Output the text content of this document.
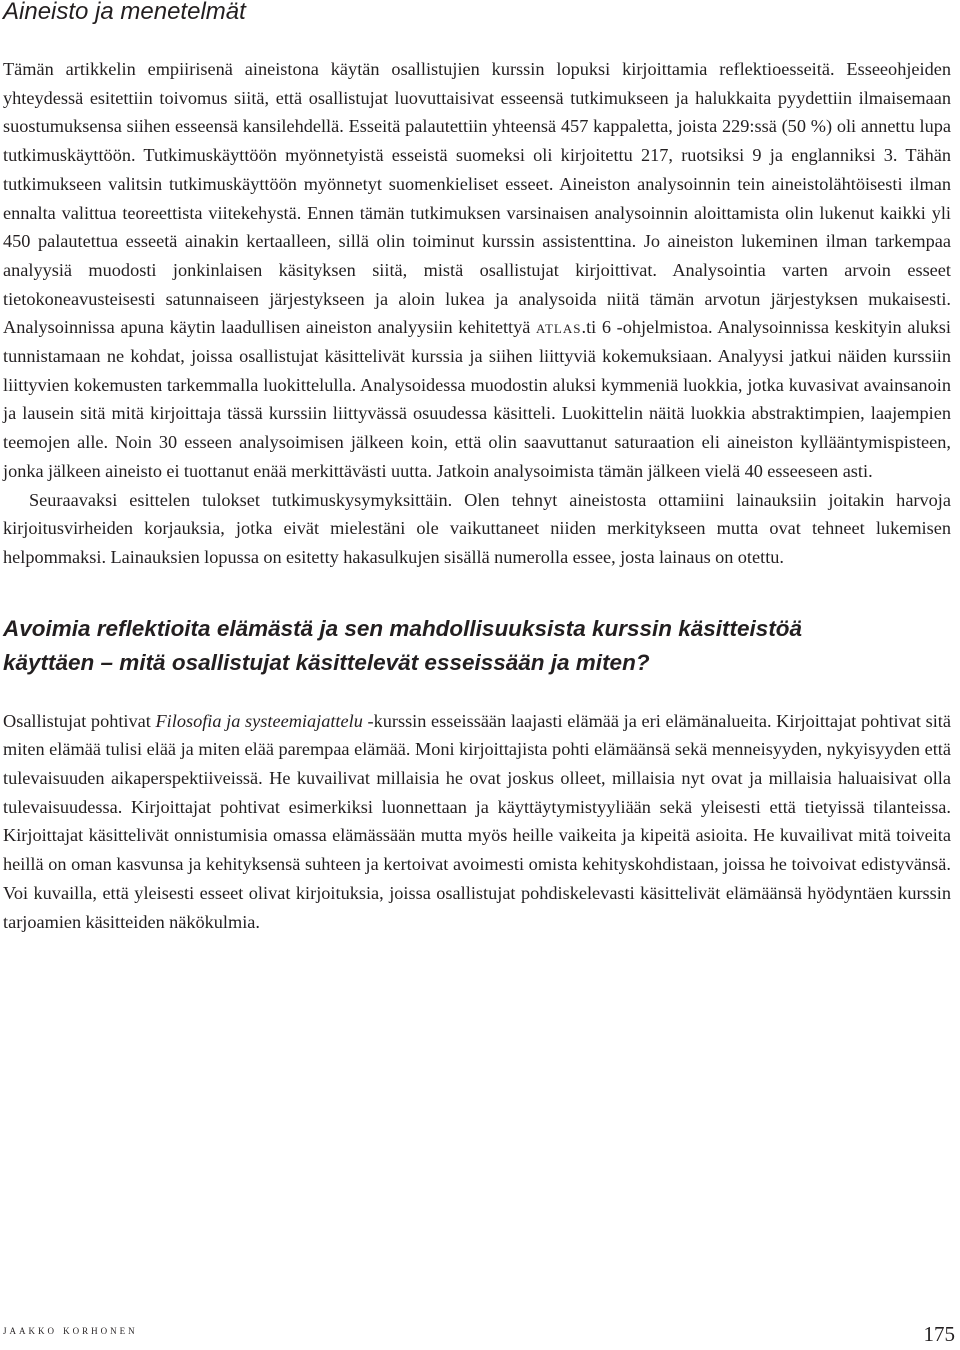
Aineisto ja menetelmät

Tämän artikkelin empiirisenä aineistona käytän osallistujien kurssin lopuksi kirjoittamia reflektioesseitä. Esseeohjeiden yhteydessä esitettiin toivomus siitä, että osallistujat luovuttaisivat esseensä tutkimukseen ja halukkaita pyydettiin ilmaisemaan suostumuksensa siihen esseensä kansilehdellä. Esseitä palautettiin yhteensä 457 kappaletta, joista 229:ssä (50 %) oli annettu lupa tutkimuskäyttöön. Tutkimuskäyttöön myönnetyistä esseistä suomeksi oli kirjoitettu 217, ruotsiksi 9 ja englanniksi 3. Tähän tutkimukseen valitsin tutkimuskäyttöön myönnetyt suomenkieliset esseet. Aineiston analysoinnin tein aineistolähtöisesti ilman ennalta valittua teoreettista viitekehystä. Ennen tämän tutkimuksen varsinaisen analysoinnin aloittamista olin lukenut kaikki yli 450 palautettua esseetä ainakin kertaalleen, sillä olin toiminut kurssin assistenttina. Jo aineiston lukeminen ilman tarkempaa analyysiä muodosti jonkinlaisen käsityksen siitä, mistä osallistujat kirjoittivat. Analysointia varten arvoin esseet tietokoneavusteisesti satunnaiseen järjestykseen ja aloin lukea ja analysoida niitä tämän arvotun järjestyksen mukaisesti. Analysoinnissa apuna käytin laadullisen aineiston analyysiin kehitettyä atlas.ti 6 -ohjelmistoa. Analysoinnissa keskityin aluksi tunnistamaan ne kohdat, joissa osallistujat käsittelivät kurssia ja siihen liittyviä kokemuksiaan. Analyysi jatkui näiden kurssiin liittyvien kokemusten tarkemmalla luokittelulla. Analysoidessa muodostin aluksi kymmeniä luokkia, jotka kuvasivat avainsanoin ja lausein sitä mitä kirjoittaja tässä kurssiin liittyvässä osuudessa käsitteli. Luokittelin näitä luokkia abstraktimpien, laajempien teemojen alle. Noin 30 esseen analysoimisen jälkeen koin, että olin saavuttanut saturaation eli aineiston kyllääntymispisteen, jonka jälkeen aineisto ei tuottanut enää merkittävästi uutta. Jatkoin analysoimista tämän jälkeen vielä 40 esseeseen asti.

Seuraavaksi esittelen tulokset tutkimuskysymyksittäin. Olen tehnyt aineistosta ottamiini lainauksiin joitakin harvoja kirjoitusvirheiden korjauksia, jotka eivät mielestäni ole vaikuttaneet niiden merkitykseen mutta ovat tehneet lukemisen helpommaksi. Lainauksien lopussa on esitetty hakasulkujen sisällä numerolla essee, josta lainaus on otettu.

Avoimia reflektioita elämästä ja sen mahdollisuuksista kurssin käsitteistöä
käyttäen – mitä osallistujat käsittelevät esseissään ja miten?

Osallistujat pohtivat Filosofia ja systeemiajattelu -kurssin esseissään laajasti elämää ja eri elämänalueita. Kirjoittajat pohtivat sitä miten elämää tulisi elää ja miten elää parempaa elämää. Moni kirjoittajista pohti elämäänsä sekä menneisyyden, nykyisyyden että tulevaisuuden aikaperspektiiveissä. He kuvailivat millaisia he ovat joskus olleet, millaisia nyt ovat ja millaisia haluaisivat olla tulevaisuudessa. Kirjoittajat pohtivat esimerkiksi luonnettaan ja käyttäytymistyyliään sekä yleisesti että tietyissä tilanteissa. Kirjoittajat käsittelivät onnistumisia omassa elämässään mutta myös heille vaikeita ja kipeitä asioita. He kuvailivat mitä toiveita heillä on oman kasvunsa ja kehityksensä suhteen ja kertoivat avoimesti omista kehityskohdistaan, joissa he toivoivat edistyvänsä. Voi kuvailla, että yleisesti esseet olivat kirjoituksia, joissa osallistujat pohdiskelevasti käsittelivät elämäänsä hyödyntäen kurssin tarjoamien käsitteiden näkökulmia.

jaakko korhonen	175
